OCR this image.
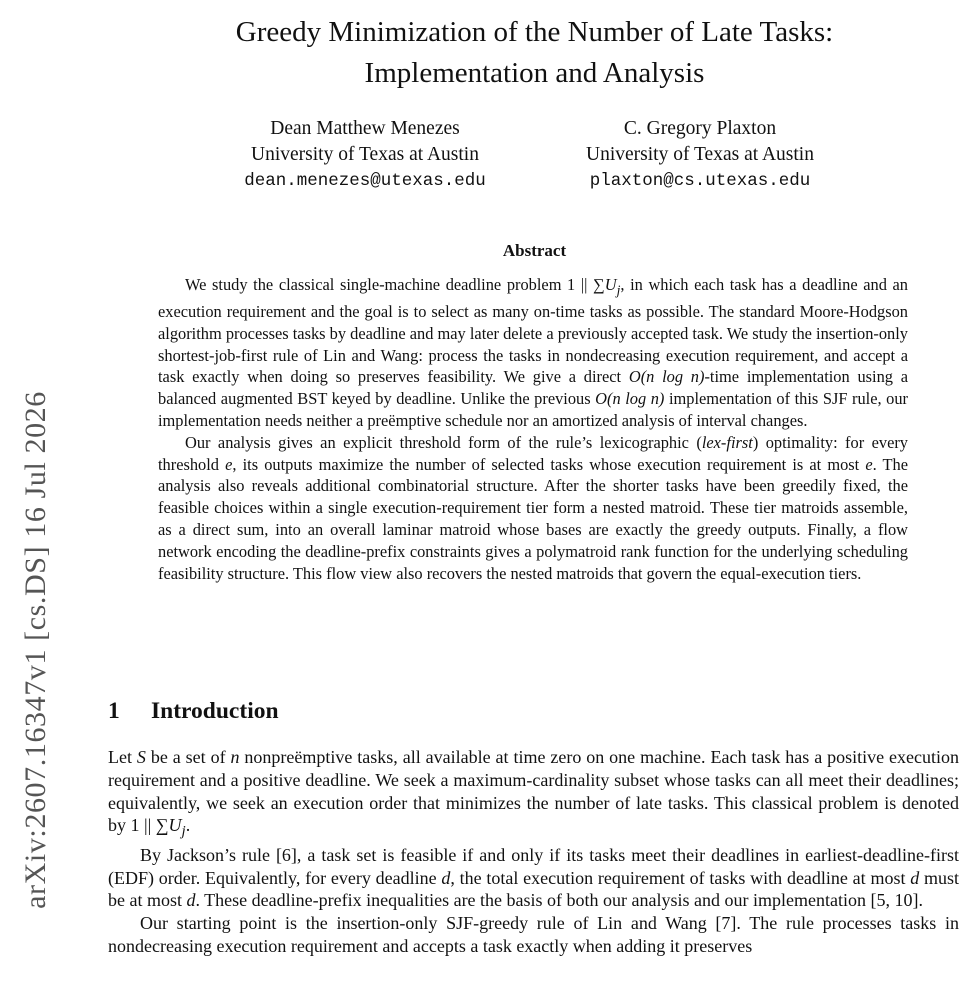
arXiv:2607.16347v1 [cs.DS] 16 Jul 2026
Greedy Minimization of the Number of Late Tasks:
Implementation and Analysis
Dean Matthew Menezes
University of Texas at Austin
dean.menezes@utexas.edu
C. Gregory Plaxton
University of Texas at Austin
plaxton@cs.utexas.edu
Abstract

We study the classical single-machine deadline problem 1 || $\sum U_j$, in which each task has a deadline and an execution requirement and the goal is to select as many on-time tasks as possible. The standard Moore-Hodgson algorithm processes tasks by deadline and may later delete a previously accepted task. We study the insertion-only shortest-job-first rule of Lin and Wang: process the tasks in nondecreasing execution requirement, and accept a task exactly when doing so preserves feasibility. We give a direct O(n log n)-time implementation using a balanced augmented BST keyed by deadline. Unlike the previous O(n log n) implementation of this SJF rule, our implementation needs neither a preëmptive schedule nor an amortized analysis of interval changes.

Our analysis gives an explicit threshold form of the rule’s lexicographic (lex-first) optimality: for every threshold e, its outputs maximize the number of selected tasks whose execution requirement is at most e. The analysis also reveals additional combinatorial structure. After the shorter tasks have been greedily fixed, the feasible choices within a single execution-requirement tier form a nested matroid. These tier matroids assemble, as a direct sum, into an overall laminar matroid whose bases are exactly the greedy outputs. Finally, a flow network encoding the deadline-prefix constraints gives a polymatroid rank function for the underlying scheduling feasibility structure. This flow view also recovers the nested matroids that govern the equal-execution tiers.

1 Introduction

Let S be a set of n nonpreëmptive tasks, all available at time zero on one machine. Each task has a positive execution requirement and a positive deadline. We seek a maximum-cardinality subset whose tasks can all meet their deadlines; equivalently, we seek an execution order that minimizes the number of late tasks. This classical problem is denoted by 1 || $\sum U_j$.

By Jackson’s rule [6], a task set is feasible if and only if its tasks meet their deadlines in earliest-deadline-first (EDF) order. Equivalently, for every deadline d, the total execution requirement of tasks with deadline at most d must be at most d. These deadline-prefix inequalities are the basis of both our analysis and our implementation [5, 10].

Our starting point is the insertion-only SJF-greedy rule of Lin and Wang [7]. The rule processes tasks in nondecreasing execution requirement and accepts a task exactly when adding it preserves
